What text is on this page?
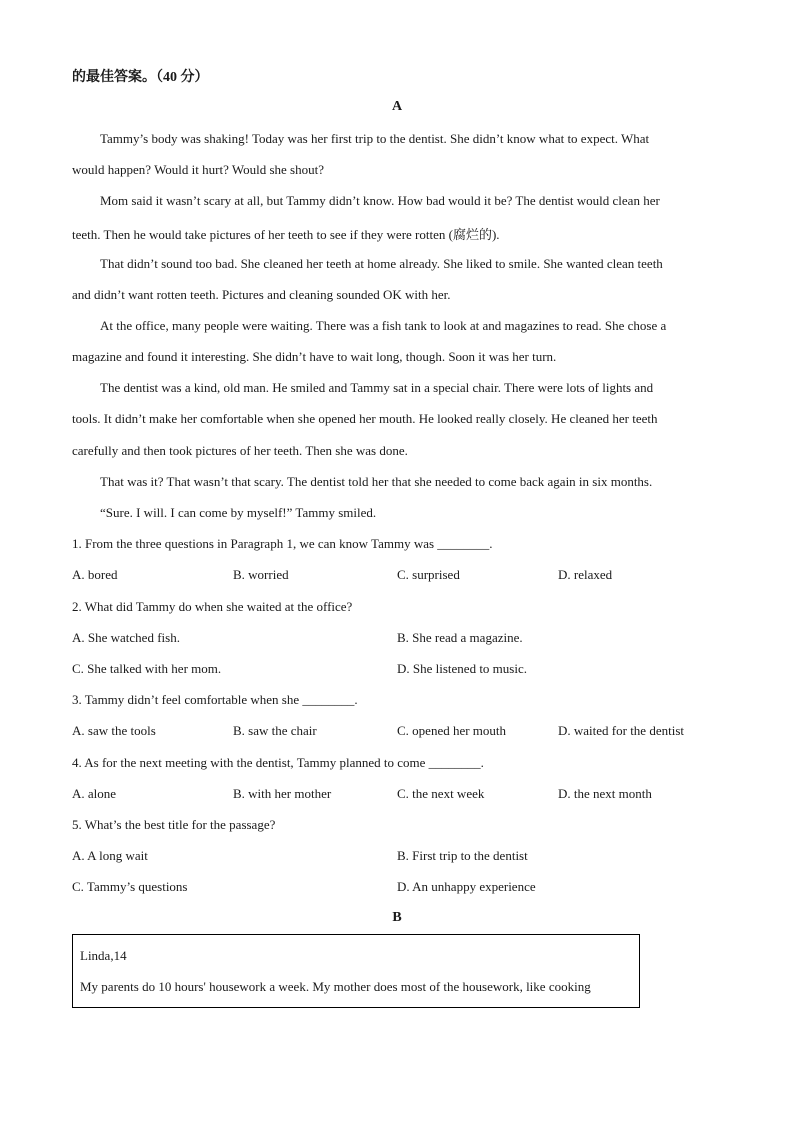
的最佳答案。（40 分）
A
Tammy’s body was shaking! Today was her first trip to the dentist. She didn’t know what to expect. What
would happen? Would it hurt? Would she shout?
Mom said it wasn’t scary at all, but Tammy didn’t know. How bad would it be? The dentist would clean her
teeth. Then he would take pictures of her teeth to see if they were rotten (腐烂的).
That didn’t sound too bad. She cleaned her teeth at home already. She liked to smile. She wanted clean teeth
and didn’t want rotten teeth. Pictures and cleaning sounded OK with her.
At the office, many people were waiting. There was a fish tank to look at and magazines to read. She chose a
magazine and found it interesting. She didn’t have to wait long, though. Soon it was her turn.
The dentist was a kind, old man. He smiled and Tammy sat in a special chair. There were lots of lights and
tools. It didn’t make her comfortable when she opened her mouth. He looked really closely. He cleaned her teeth
carefully and then took pictures of her teeth. Then she was done.
That was it? That wasn’t that scary. The dentist told her that she needed to come back again in six months.
“Sure. I will. I can come by myself!” Tammy smiled.
1. From the three questions in Paragraph 1, we can know Tammy was ________.
A. bored	B. worried	C. surprised	D. relaxed
2. What did Tammy do when she waited at the office?
A. She watched fish.	B. She read a magazine.
C. She talked with her mom.	D. She listened to music.
3. Tammy didn’t feel comfortable when she ________.
A. saw the tools	B. saw the chair	C. opened her mouth	D. waited for the dentist
4. As for the next meeting with the dentist, Tammy planned to come ________.
A. alone	B. with her mother	C. the next week	D. the next month
5. What’s the best title for the passage?
A. A long wait	B. First trip to the dentist
C. Tammy’s questions	D. An unhappy experience
B
Linda,14
My parents do 10 hours' housework a week. My mother does most of the housework, like cooking
